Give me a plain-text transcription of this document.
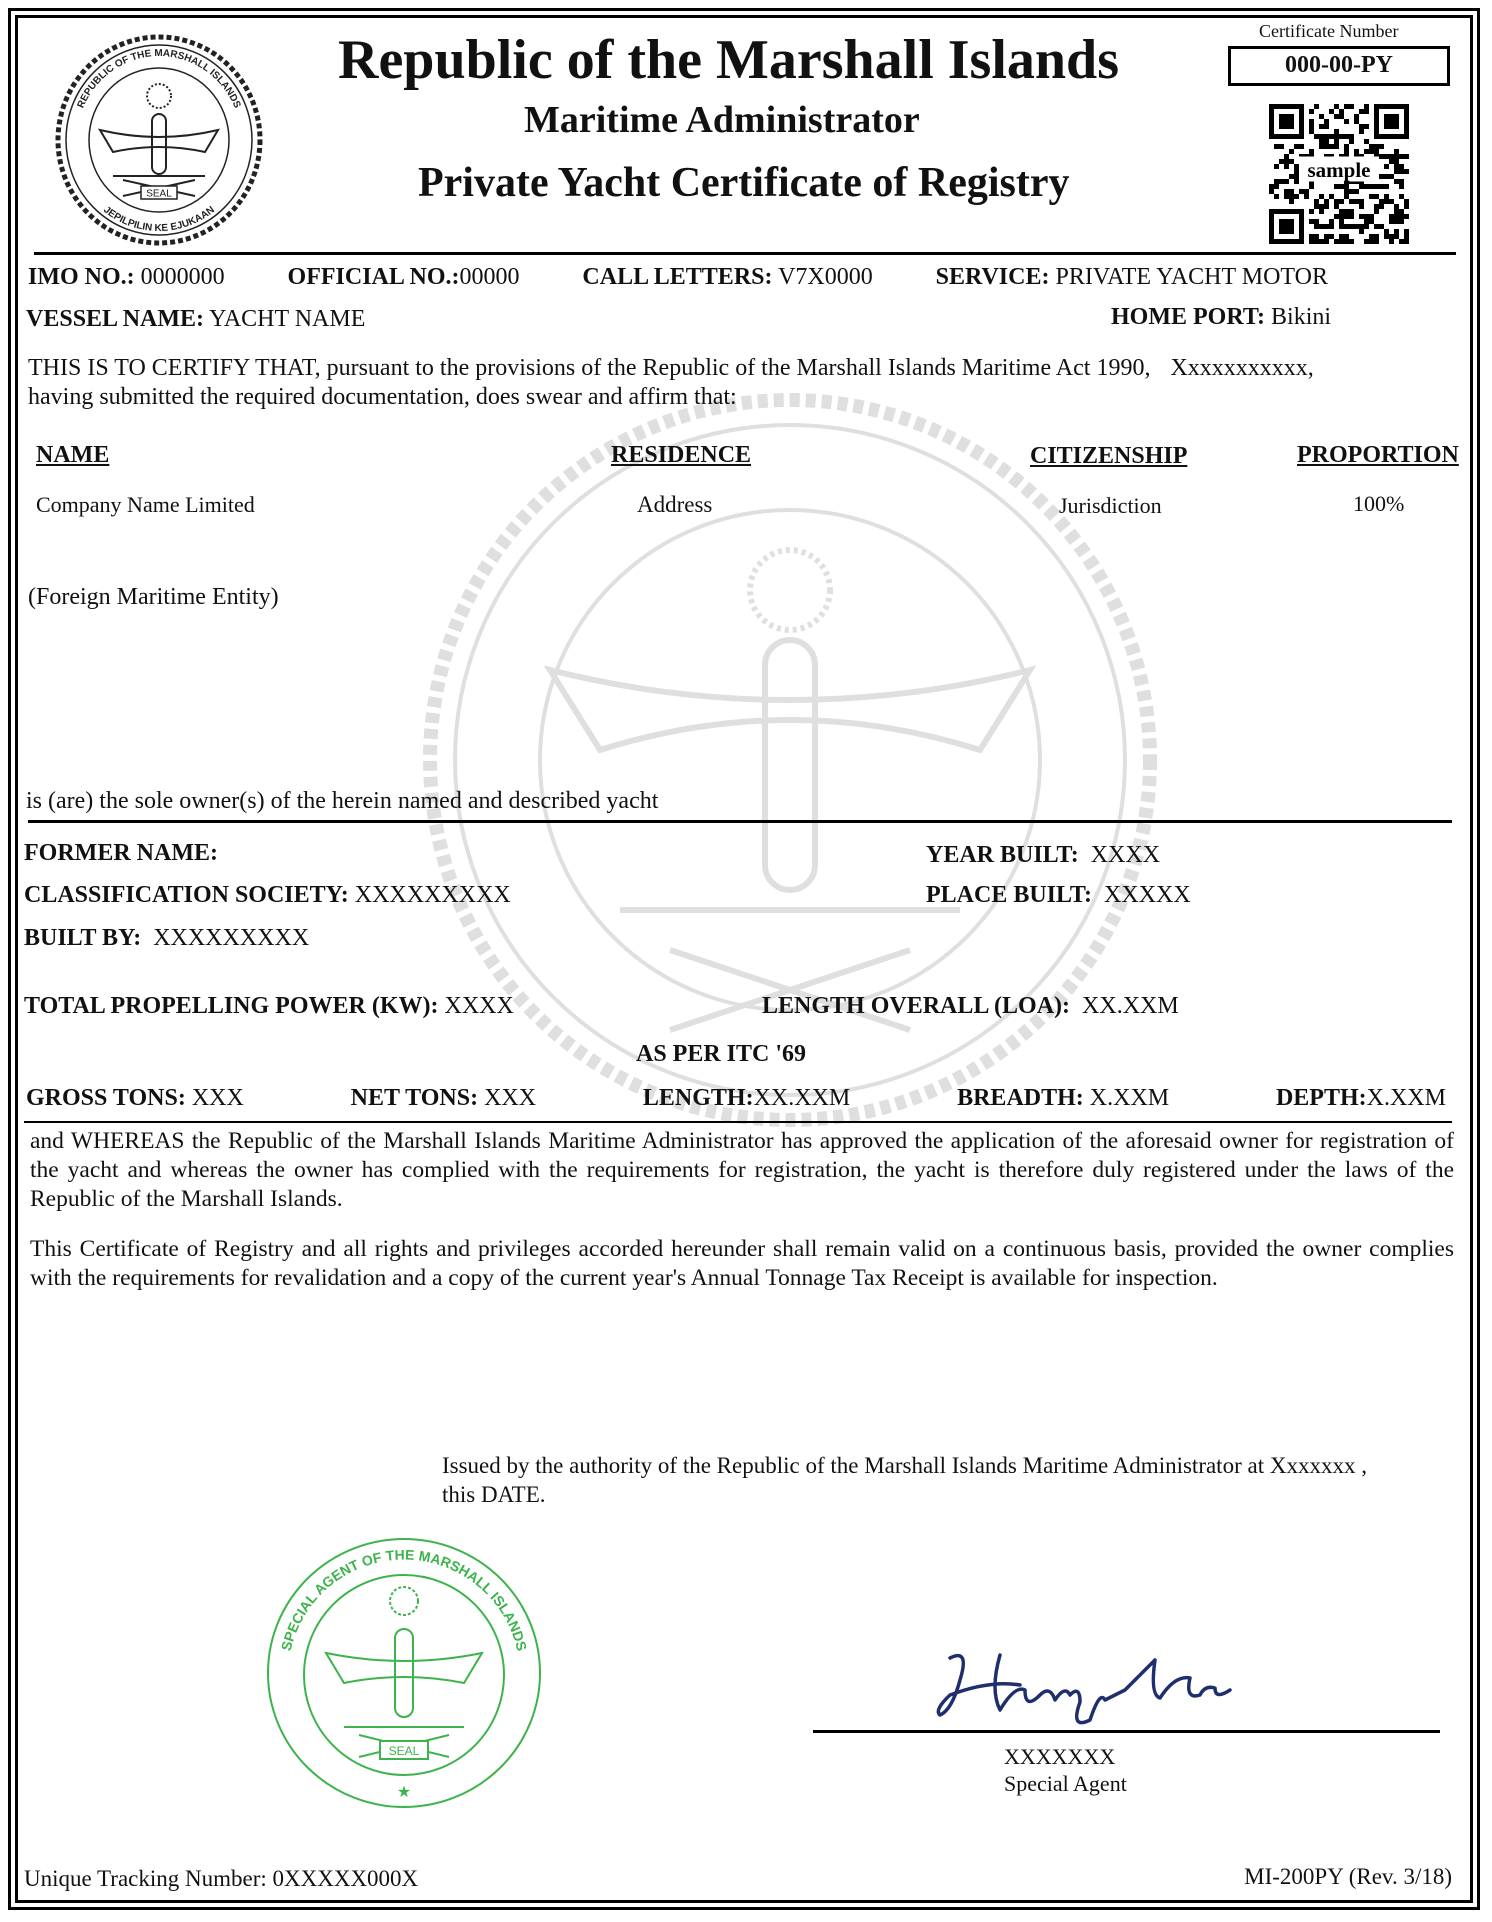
SEAL
REPUBLIC OF THE MARSHALL ISLANDS
JEPILPILIN KE EJUKAAN
Republic of the Marshall Islands
Maritime Administrator
Private Yacht Certificate of Registry
Certificate Number
000-00-PY
sample
IMO NO.: 0000000	OFFICIAL NO.:00000	CALL LETTERS: V7X0000	SERVICE: PRIVATE YACHT MOTOR
VESSEL NAME: YACHT NAME	HOME PORT: Bikini
THIS IS TO CERTIFY THAT, pursuant to the provisions of the Republic of the Marshall Islands Maritime Act 1990, Xxxxxxxxxxx,
having submitted the required documentation, does swear and affirm that:
NAME	RESIDENCE	CITIZENSHIP	PROPORTION
Company Name Limited	Address	Jurisdiction	100%
(Foreign Maritime Entity)
is (are) the sole owner(s) of the herein named and described yacht
FORMER NAME:	YEAR BUILT: XXXX
CLASSIFICATION SOCIETY: XXXXXXXXX	PLACE BUILT: XXXXX
BUILT BY: XXXXXXXXX
TOTAL PROPELLING POWER (KW): XXXX	LENGTH OVERALL (LOA): XX.XXM
AS PER ITC '69
GROSS TONS: XXX	NET TONS: XXX	LENGTH:XX.XXM	BREADTH: X.XXM	DEPTH:X.XXM
and WHEREAS the Republic of the Marshall Islands Maritime Administrator has approved the application of the aforesaid owner for registration of the yacht and whereas the owner has complied with the requirements for registration, the yacht is therefore duly registered under the laws of the Republic of the Marshall Islands.
This Certificate of Registry and all rights and privileges accorded hereunder shall remain valid on a continuous basis, provided the owner complies with the requirements for revalidation and a copy of the current year's Annual Tonnage Tax Receipt is available for inspection.
Issued by the authority of the Republic of the Marshall Islands Maritime Administrator at Xxxxxxx ,
this DATE.
SEAL
★
SPECIAL AGENT OF THE MARSHALL ISLANDS
XXXXXXX
Special Agent
Unique Tracking Number: 0XXXXX000X	MI-200PY (Rev. 3/18)
